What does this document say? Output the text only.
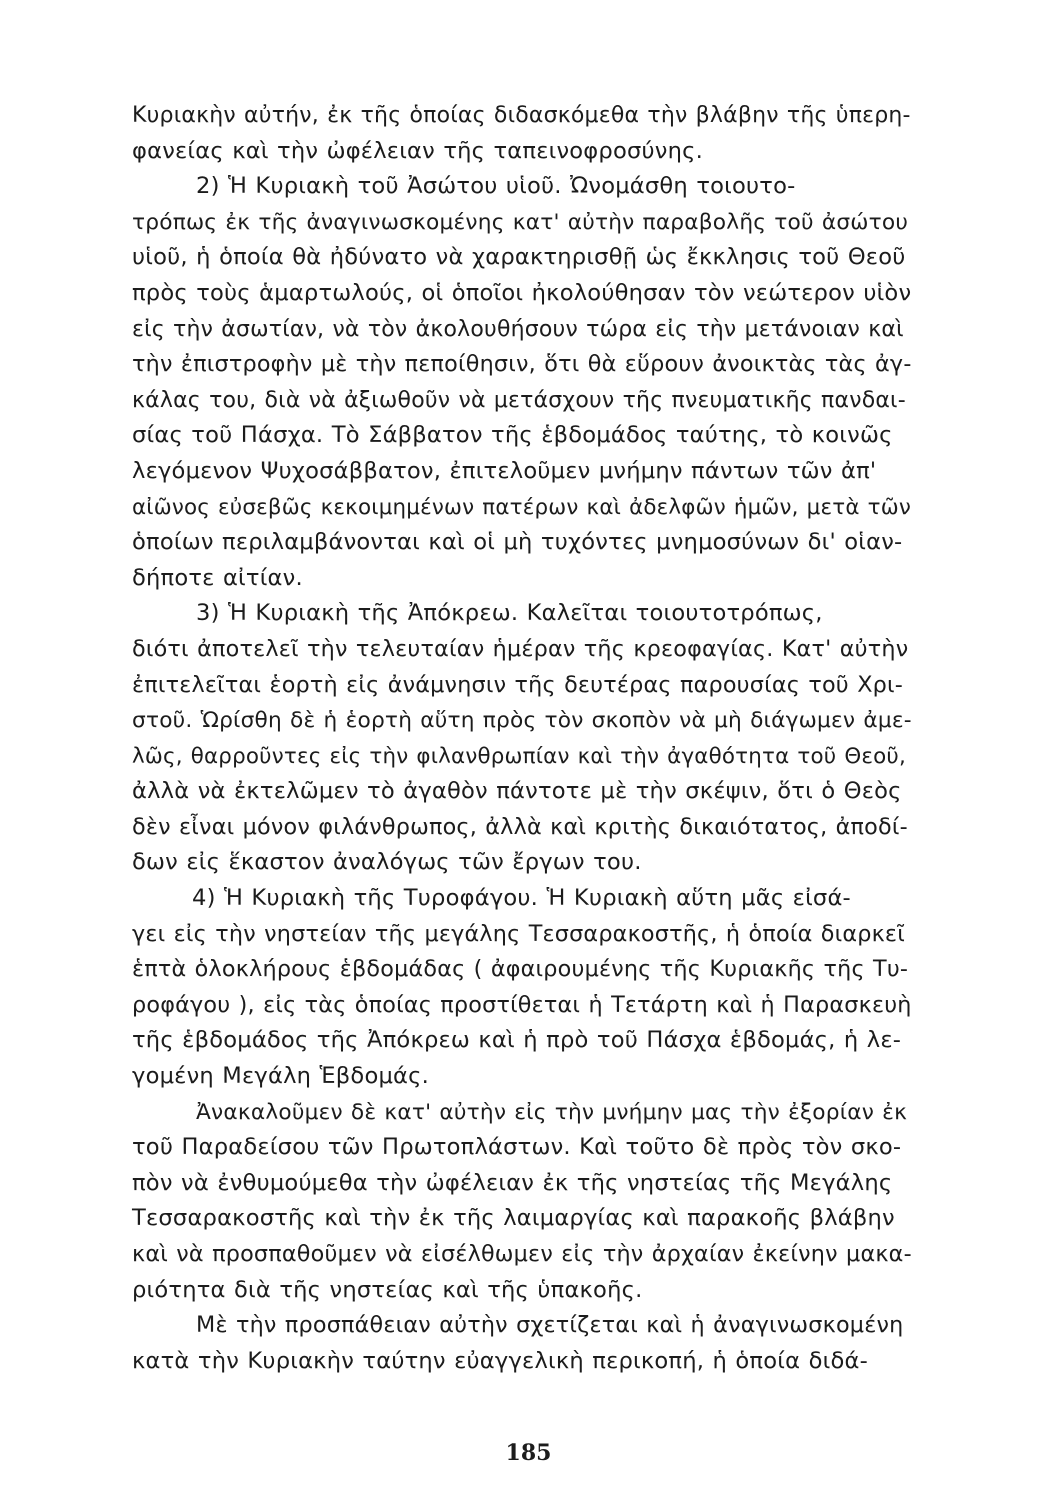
Κυριακὴν αὐτήν, ἐκ τῆς ὁποίας διδασκόμεθα τὴν βλάβην τῆς ὑπερη-
φανείας καὶ τὴν ὠφέλειαν τῆς ταπεινοφροσύνης.
2) Ἡ Κυριακὴ τοῦ Ἀσώτου υἱοῦ. Ὠνομάσθη τοιουτο-
τρόπως ἐκ τῆς ἀναγινωσκομένης κατ' αὐτὴν παραβολῆς τοῦ ἀσώτου
υἱοῦ, ἡ ὁποία θὰ ἠδύνατο νὰ χαρακτηρισθῇ ὡς ἔκκλησις τοῦ Θεοῦ
πρὸς τοὺς ἁμαρτωλούς, οἱ ὁποῖοι ἠκολούθησαν τὸν νεώτερον υἱὸν
εἰς τὴν ἀσωτίαν, νὰ τὸν ἀκολουθήσουν τώρα εἰς τὴν μετάνοιαν καὶ
τὴν ἐπιστροφὴν μὲ τὴν πεποίθησιν, ὅτι θὰ εὕρουν ἀνοικτὰς τὰς ἀγ-
κάλας του, διὰ νὰ ἀξιωθοῦν νὰ μετάσχουν τῆς πνευματικῆς πανδαι-
σίας τοῦ Πάσχα. Τὸ Σάββατον τῆς ἑβδομάδος ταύτης, τὸ κοινῶς
λεγόμενον Ψυχοσάββατον, ἐπιτελοῦμεν μνήμην πάντων τῶν ἀπ'
αἰῶνος εὐσεβῶς κεκοιμημένων πατέρων καὶ ἀδελφῶν ἡμῶν, μετὰ τῶν
ὁποίων περιλαμβάνονται καὶ οἱ μὴ τυχόντες μνημοσύνων δι' οἱαν-
δήποτε αἰτίαν.
3) Ἡ Κυριακὴ τῆς Ἀπόκρεω. Καλεῖται τοιουτοτρόπως,
διότι ἀποτελεῖ τὴν τελευταίαν ἡμέραν τῆς κρεοφαγίας. Κατ' αὐτὴν
ἐπιτελεῖται ἑορτὴ εἰς ἀνάμνησιν τῆς δευτέρας παρουσίας τοῦ Χρι-
στοῦ. Ὡρίσθη δὲ ἡ ἑορτὴ αὕτη πρὸς τὸν σκοπὸν νὰ μὴ διάγωμεν ἀμε-
λῶς, θαρροῦντες εἰς τὴν φιλανθρωπίαν καὶ τὴν ἀγαθότητα τοῦ Θεοῦ,
ἀλλὰ νὰ ἐκτελῶμεν τὸ ἀγαθὸν πάντοτε μὲ τὴν σκέψιν, ὅτι ὁ Θεὸς
δὲν εἶναι μόνον φιλάνθρωπος, ἀλλὰ καὶ κριτὴς δικαιότατος, ἀποδί-
δων εἰς ἕκαστον ἀναλόγως τῶν ἔργων του.
4) Ἡ Κυριακὴ τῆς Τυροφάγου. Ἡ Κυριακὴ αὕτη μᾶς εἰσά-
γει εἰς τὴν νηστείαν τῆς μεγάλης Τεσσαρακοστῆς, ἡ ὁποία διαρκεῖ
ἑπτὰ ὁλοκλήρους ἑβδομάδας ( ἀφαιρουμένης τῆς Κυριακῆς τῆς Τυ-
ροφάγου ), εἰς τὰς ὁποίας προστίθεται ἡ Τετάρτη καὶ ἡ Παρασκευὴ
τῆς ἑβδομάδος τῆς Ἀπόκρεω καὶ ἡ πρὸ τοῦ Πάσχα ἑβδομάς, ἡ λε-
γομένη Μεγάλη Ἑβδομάς.
Ἀνακαλοῦμεν δὲ κατ' αὐτὴν εἰς τὴν μνήμην μας τὴν ἐξορίαν ἐκ
τοῦ Παραδείσου τῶν Πρωτοπλάστων. Καὶ τοῦτο δὲ πρὸς τὸν σκο-
πὸν νὰ ἐνθυμούμεθα τὴν ὠφέλειαν ἐκ τῆς νηστείας τῆς Μεγάλης
Τεσσαρακοστῆς καὶ τὴν ἐκ τῆς λαιμαργίας καὶ παρακοῆς βλάβην
καὶ νὰ προσπαθοῦμεν νὰ εἰσέλθωμεν εἰς τὴν ἀρχαίαν ἐκείνην μακα-
ριότητα διὰ τῆς νηστείας καὶ τῆς ὑπακοῆς.
Μὲ τὴν προσπάθειαν αὐτὴν σχετίζεται καὶ ἡ ἀναγινωσκομένη
κατὰ τὴν Κυριακὴν ταύτην εὐαγγελικὴ περικοπή, ἡ ὁποία διδά-
185
